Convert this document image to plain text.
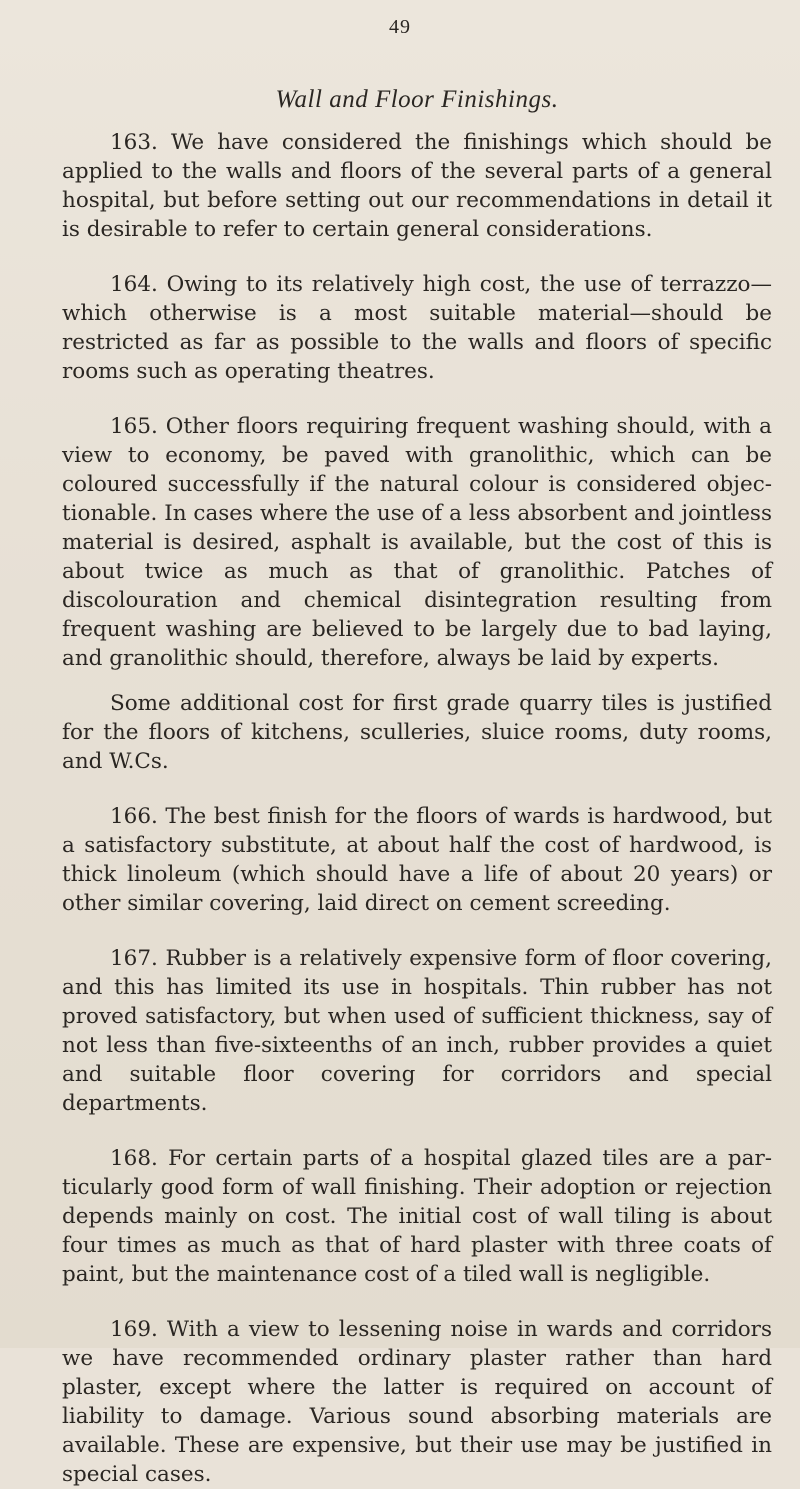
49
Wall and Floor Finishings.

163. We have considered the finishings which should be applied to the walls and floors of the several parts of a general hospital, but before setting out our recommendations in detail it is desirable to refer to certain general considerations.

164. Owing to its relatively high cost, the use of terrazzo— which otherwise is a most suitable material—should be restricted as far as possible to the walls and floors of specific rooms such as operating theatres.

165. Other floors requiring frequent washing should, with a view to economy, be paved with granolithic, which can be coloured successfully if the natural colour is considered objec- tionable. In cases where the use of a less absorbent and jointless material is desired, asphalt is available, but the cost of this is about twice as much as that of granolithic. Patches of discolouration and chemical disintegration resulting from frequent washing are believed to be largely due to bad laying, and granolithic should, therefore, always be laid by experts.

Some additional cost for first grade quarry tiles is justified for the floors of kitchens, sculleries, sluice rooms, duty rooms, and W.Cs.

166. The best finish for the floors of wards is hardwood, but a satisfactory substitute, at about half the cost of hardwood, is thick linoleum (which should have a life of about 20 years) or other similar covering, laid direct on cement screeding.

167. Rubber is a relatively expensive form of floor covering, and this has limited its use in hospitals. Thin rubber has not proved satisfactory, but when used of sufficient thickness, say of not less than five-sixteenths of an inch, rubber provides a quiet and suitable floor covering for corridors and special departments.

168. For certain parts of a hospital glazed tiles are a par- ticularly good form of wall finishing. Their adoption or rejection depends mainly on cost. The initial cost of wall tiling is about four times as much as that of hard plaster with three coats of paint, but the maintenance cost of a tiled wall is negligible.

169. With a view to lessening noise in wards and corridors we have recommended ordinary plaster rather than hard plaster, except where the latter is required on account of liability to damage. Various sound absorbing materials are available. These are expensive, but their use may be justified in special cases.
